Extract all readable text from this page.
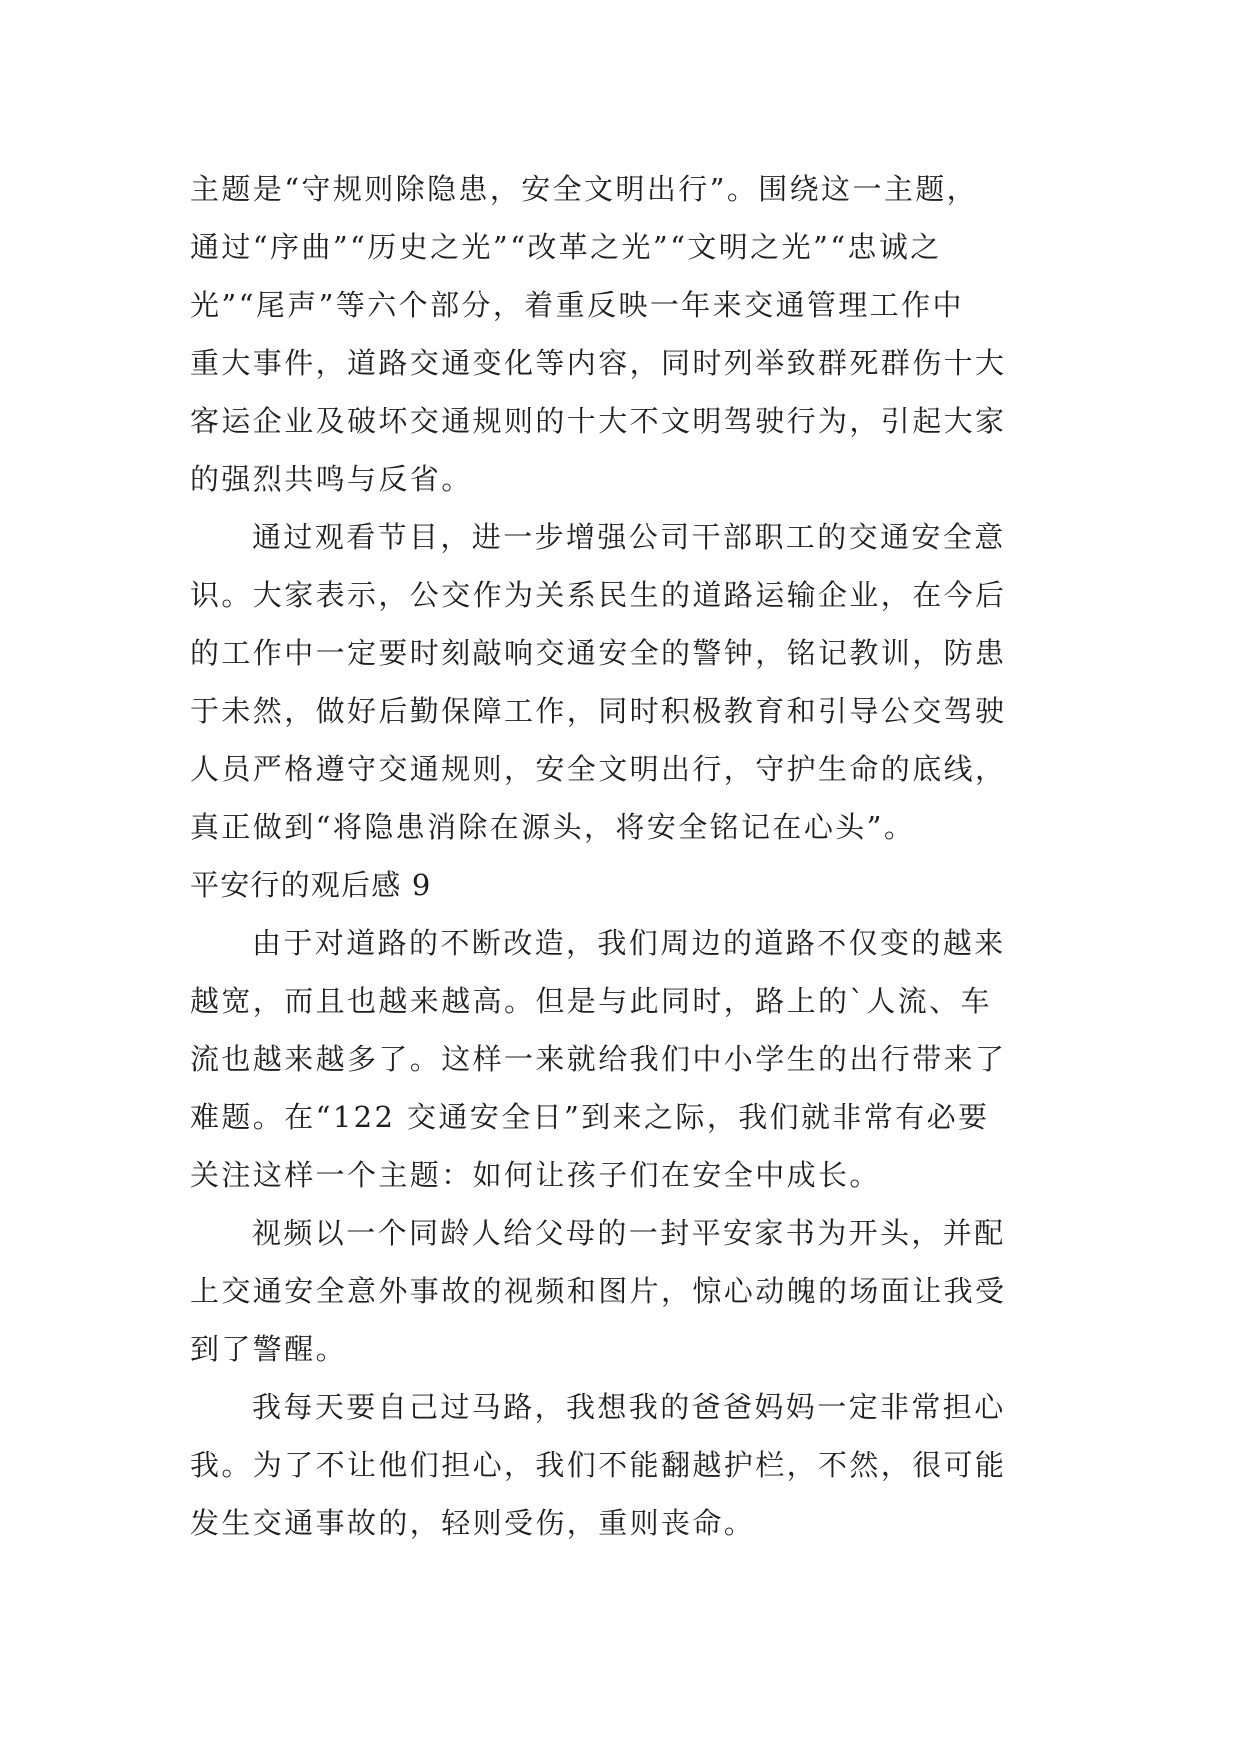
主题是“守规则除隐患，安全文明出行”。围绕这一主题，
通过“序曲”“历史之光”“改革之光”“文明之光”“忠诚之
光”“尾声”等六个部分，着重反映一年来交通管理工作中
重大事件，道路交通变化等内容，同时列举致群死群伤十大
客运企业及破坏交通规则的十大不文明驾驶行为，引起大家
的强烈共鸣与反省。
通过观看节目，进一步增强公司干部职工的交通安全意
识。大家表示，公交作为关系民生的道路运输企业，在今后
的工作中一定要时刻敲响交通安全的警钟，铭记教训，防患
于未然，做好后勤保障工作，同时积极教育和引导公交驾驶
人员严格遵守交通规则，安全文明出行，守护生命的底线，
真正做到“将隐患消除在源头，将安全铭记在心头”。
平安行的观后感 9
由于对道路的不断改造，我们周边的道路不仅变的越来
越宽，而且也越来越高。但是与此同时，路上的`人流、车
流也越来越多了。这样一来就给我们中小学生的出行带来了
难题。在“122 交通安全日”到来之际，我们就非常有必要
关注这样一个主题：如何让孩子们在安全中成长。
视频以一个同龄人给父母的一封平安家书为开头，并配
上交通安全意外事故的视频和图片，惊心动魄的场面让我受
到了警醒。
我每天要自己过马路，我想我的爸爸妈妈一定非常担心
我。为了不让他们担心，我们不能翻越护栏，不然，很可能
发生交通事故的，轻则受伤，重则丧命。
